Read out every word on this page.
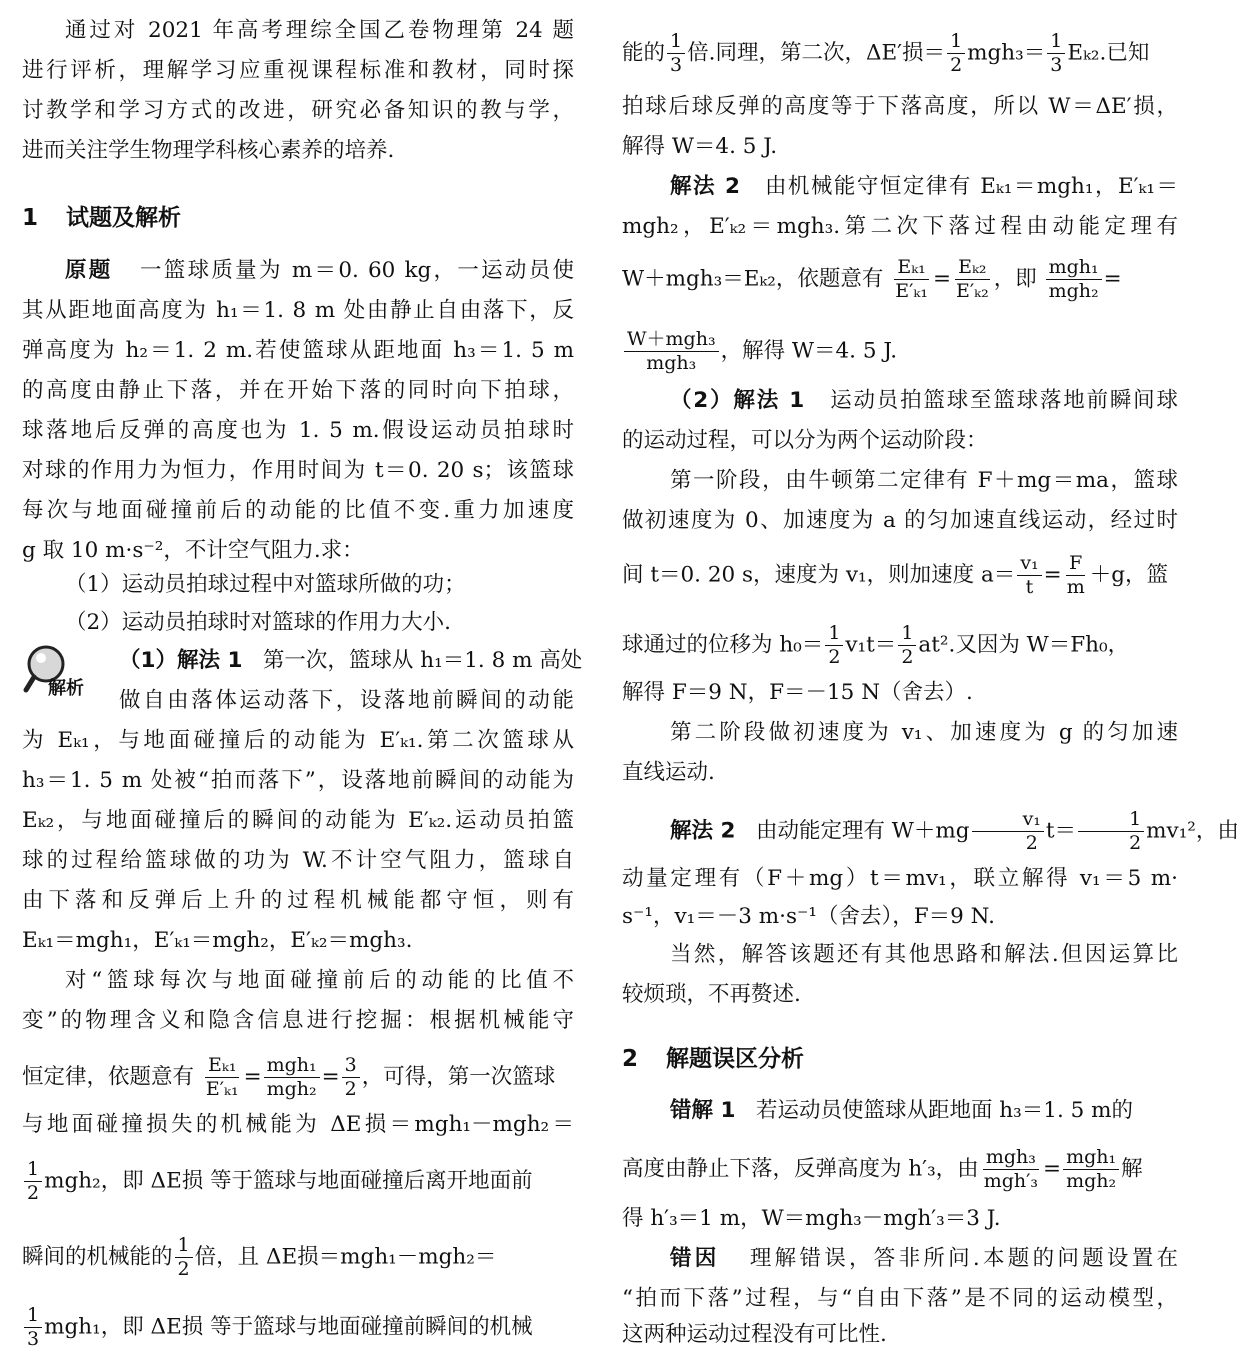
通过对 2021 年高考理综全国乙卷物理第 24 题
进行评析，理解学习应重视课程标准和教材，同时探
讨教学和学习方式的改进，研究必备知识的教与学，
进而关注学生物理学科核心素养的培养.
1 试题及解析
原题 一篮球质量为 m＝0. 60 kg，一运动员使
其从距地面高度为 h₁＝1. 8 m 处由静止自由落下，反
弹高度为 h₂＝1. 2 m.若使篮球从距地面 h₃＝1. 5 m
的高度由静止下落，并在开始下落的同时向下拍球，
球落地后反弹的高度也为 1. 5 m.假设运动员拍球时
对球的作用力为恒力，作用时间为 t＝0. 20 s；该篮球
每次与地面碰撞前后的动能的比值不变.重力加速度
g 取 10 m·s⁻²，不计空气阻力.求：
（1）运动员拍球过程中对篮球所做的功；
（2）运动员拍球时对篮球的作用力大小.
解析
（1）解法 1 第一次，篮球从 h₁＝1. 8 m 高处
做自由落体运动落下，设落地前瞬间的动能
为 Eₖ₁，与地面碰撞后的动能为 E′ₖ₁.第二次篮球从
h₃＝1. 5 m 处被“拍而落下”，设落地前瞬间的动能为
Eₖ₂，与地面碰撞后的瞬间的动能为 E′ₖ₂.运动员拍篮
球的过程给篮球做的功为 W.不计空气阻力，篮球自
由下落和反弹后上升的过程机械能都守恒，则有
Eₖ₁＝mgh₁，E′ₖ₁＝mgh₂，E′ₖ₂＝mgh₃.
对“篮球每次与地面碰撞前后的动能的比值不
变”的物理含义和隐含信息进行挖掘：根据机械能守
恒定律，依题意有 $\frac{\text{Eₖ₁}}{\text{E′ₖ₁}} = \frac{\text{mgh₁}}{\text{mgh₂}} = \frac{3}{2}$ ，可得，第一次篮球
与地面碰撞损失的机械能为 ΔE损＝mgh₁－mgh₂＝
$\frac{1}{2} mgh_2$，即 ΔE损 等于篮球与地面碰撞后离开地面前
瞬间的机械能的 $\frac{1}{2}$ 倍，且 ΔE损＝mgh₁－mgh₂＝
$\frac{1}{3} mgh_1$，即 ΔE损 等于篮球与地面碰撞前瞬间的机械
能的 $\frac{1}{3}$ 倍.同理，第二次，ΔE′损＝ $\frac{1}{2} mgh_3= \frac{1}{3} E_{k2}$.已知
拍球后球反弹的高度等于下落高度，所以 W＝ΔE′损，
解得 W＝4. 5 J.
解法 2 由机械能守恒定律有 Eₖ₁＝mgh₁，E′ₖ₁＝
mgh₂，E′ₖ₂＝mgh₃.第二次下落过程由动能定理有
W＋mgh₃＝Eₖ₂，依题意有 $\frac{\text{Eₖ₁}}{\text{E′ₖ₁}} = \frac{\text{Eₖ₂}}{\text{E′ₖ₂}}$ ，即 $\frac{\text{mgh₁}}{\text{mgh₂}}$ =
$\frac{\text{W＋mgh₃}}{\text{mgh₃}}$ ，解得 W＝4. 5 J.
（2）解法 1 运动员拍篮球至篮球落地前瞬间球
的运动过程，可以分为两个运动阶段：
第一阶段，由牛顿第二定律有 F＋mg＝ma，篮球
做初速度为 0、加速度为 a 的匀加速直线运动，经过时
间 t＝0. 20 s，速度为 v₁，则加速度 $a= \frac{\text{v₁}}{t} = \frac{F}{m} +g$，篮
球通过的位移为 $h_0= \frac{1}{2} v_1t= \frac{1}{2} at^2$.又因为 W＝Fh₀，
解得 F＝9 N，F＝－15 N（舍去）.
第二阶段做初速度为 v₁、加速度为 g 的匀加速
直线运动.
解法 2 由动能定理有 $W+mg \frac{\text{v₁}}{2} t= \frac{1}{2} mv_1^2$，由
动量定理有（F＋mg）t＝mv₁，联立解得 v₁＝5 m·
s⁻¹，v₁＝－3 m·s⁻¹（舍去），F＝9 N.
当然，解答该题还有其他思路和解法.但因运算比
较烦琐，不再赘述.
2 解题误区分析
错解 1 若运动员使篮球从距地面 h₃＝1. 5 m的
高度由静止下落，反弹高度为 h′₃，由 $\frac{\text{mgh₃}}{\text{mgh′₃}} = \frac{\text{mgh₁}}{\text{mgh₂}}$ 解
得 h′₃＝1 m，W＝mgh₃－mgh′₃＝3 J.
错因 理解错误，答非所问.本题的问题设置在
“拍而下落”过程，与“自由下落”是不同的运动模型，
这两种运动过程没有可比性.
